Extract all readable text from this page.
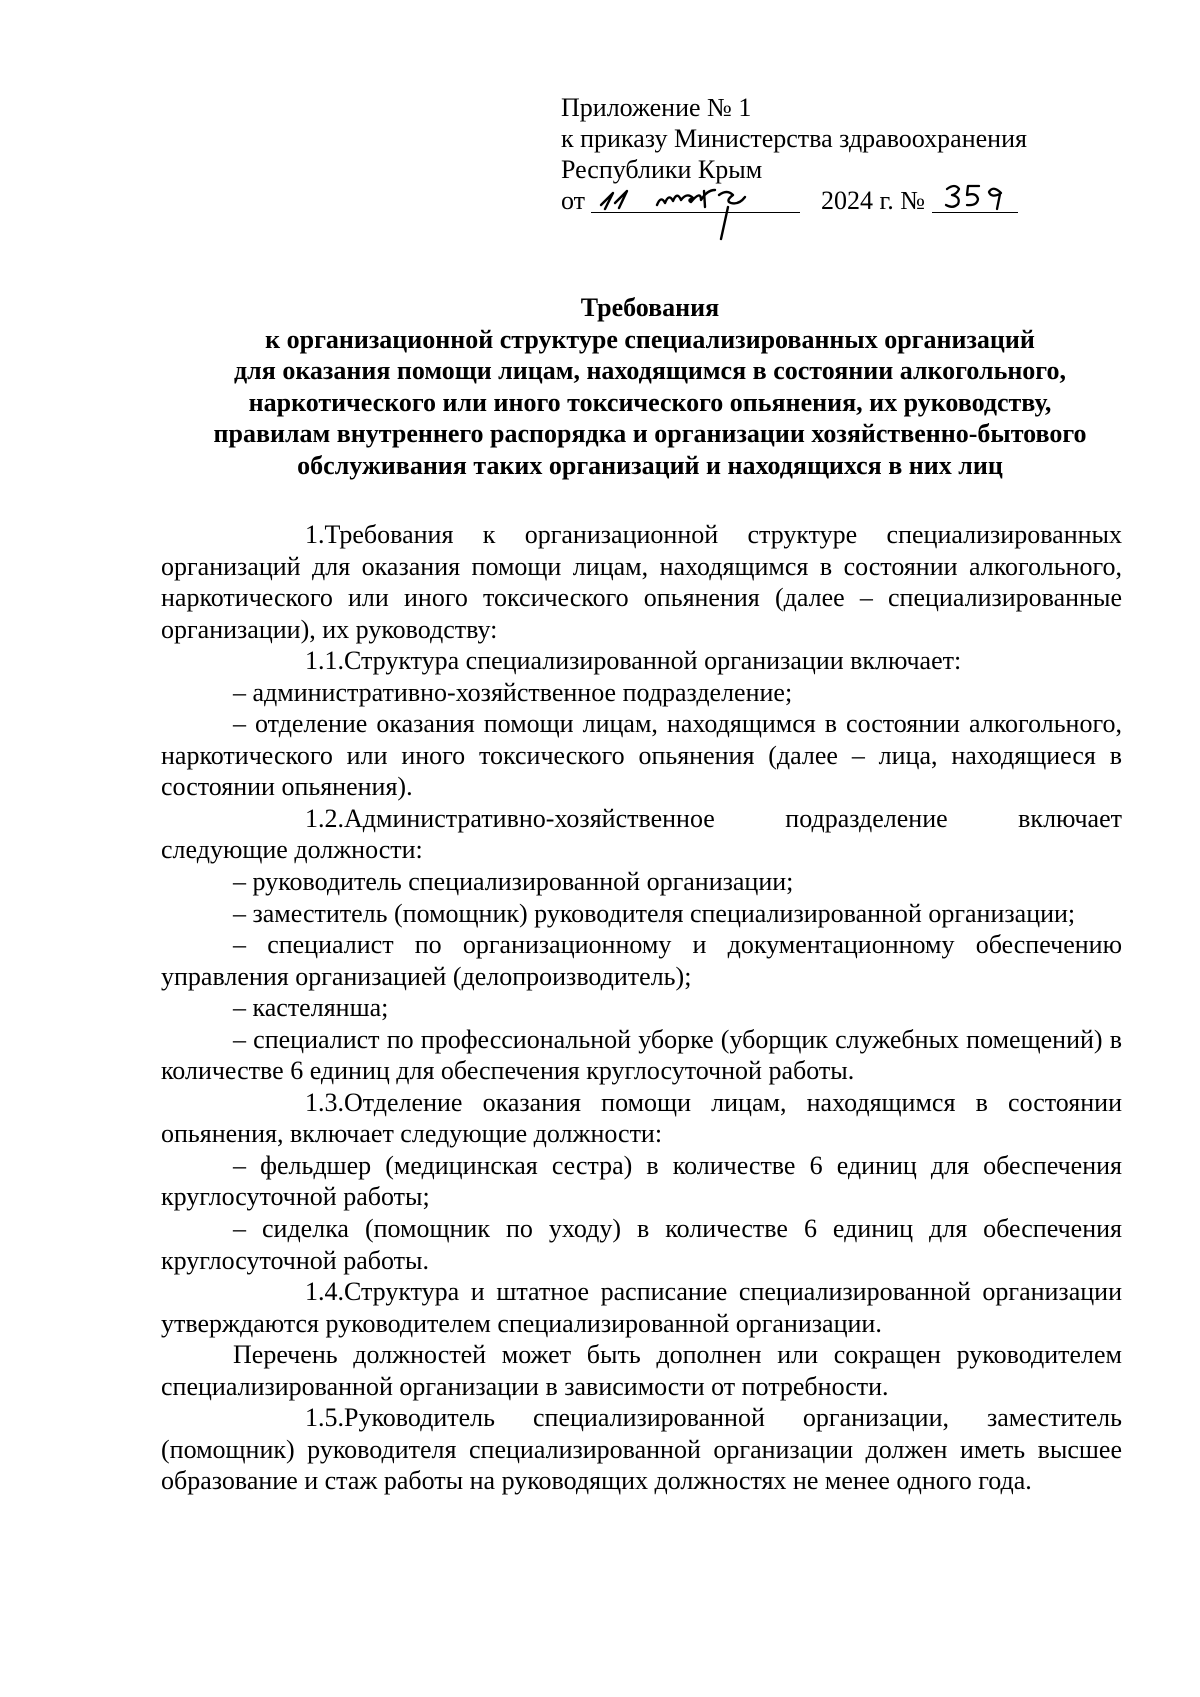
Приложение № 1
к приказу Министерства здравоохранения
Республики Крым
от	2024 г. №
Требования
к организационной структуре специализированных организаций
для оказания помощи лицам, находящимся в состоянии алкогольного,
наркотического или иного токсического опьянения, их руководству,
правилам внутреннего распорядка и организации хозяйственно-бытового
обслуживания таких организаций и находящихся в них лиц

1.Требования к организационной структуре специализированных организаций для оказания помощи лицам, находящимся в состоянии алкогольного, наркотического или иного токсического опьянения (далее – специализированные организации), их руководству:

1.1.Структура специализированной организации включает:

– административно-хозяйственное подразделение;

– отделение оказания помощи лицам, находящимся в состоянии алкогольного, наркотического или иного токсического опьянения (далее – лица, находящиеся в состоянии опьянения).

1.2.Административно-хозяйственное подразделение включает следующие должности:

– руководитель специализированной организации;

– заместитель (помощник) руководителя специализированной организации;

– специалист по организационному и документационному обеспечению управления организацией (делопроизводитель);

– кастелянша;

– специалист по профессиональной уборке (уборщик служебных помещений) в количестве 6 единиц для обеспечения круглосуточной работы.

1.3.Отделение оказания помощи лицам, находящимся в состоянии опьянения, включает следующие должности:

– фельдшер (медицинская сестра) в количестве 6 единиц для обеспечения круглосуточной работы;

– сиделка (помощник по уходу) в количестве 6 единиц для обеспечения круглосуточной работы.

1.4.Структура и штатное расписание специализированной организации утверждаются руководителем специализированной организации.

Перечень должностей может быть дополнен или сокращен руководителем специализированной организации в зависимости от потребности.

1.5.Руководитель специализированной организации, заместитель (помощник) руководителя специализированной организации должен иметь высшее образование и стаж работы на руководящих должностях не менее одного года.
